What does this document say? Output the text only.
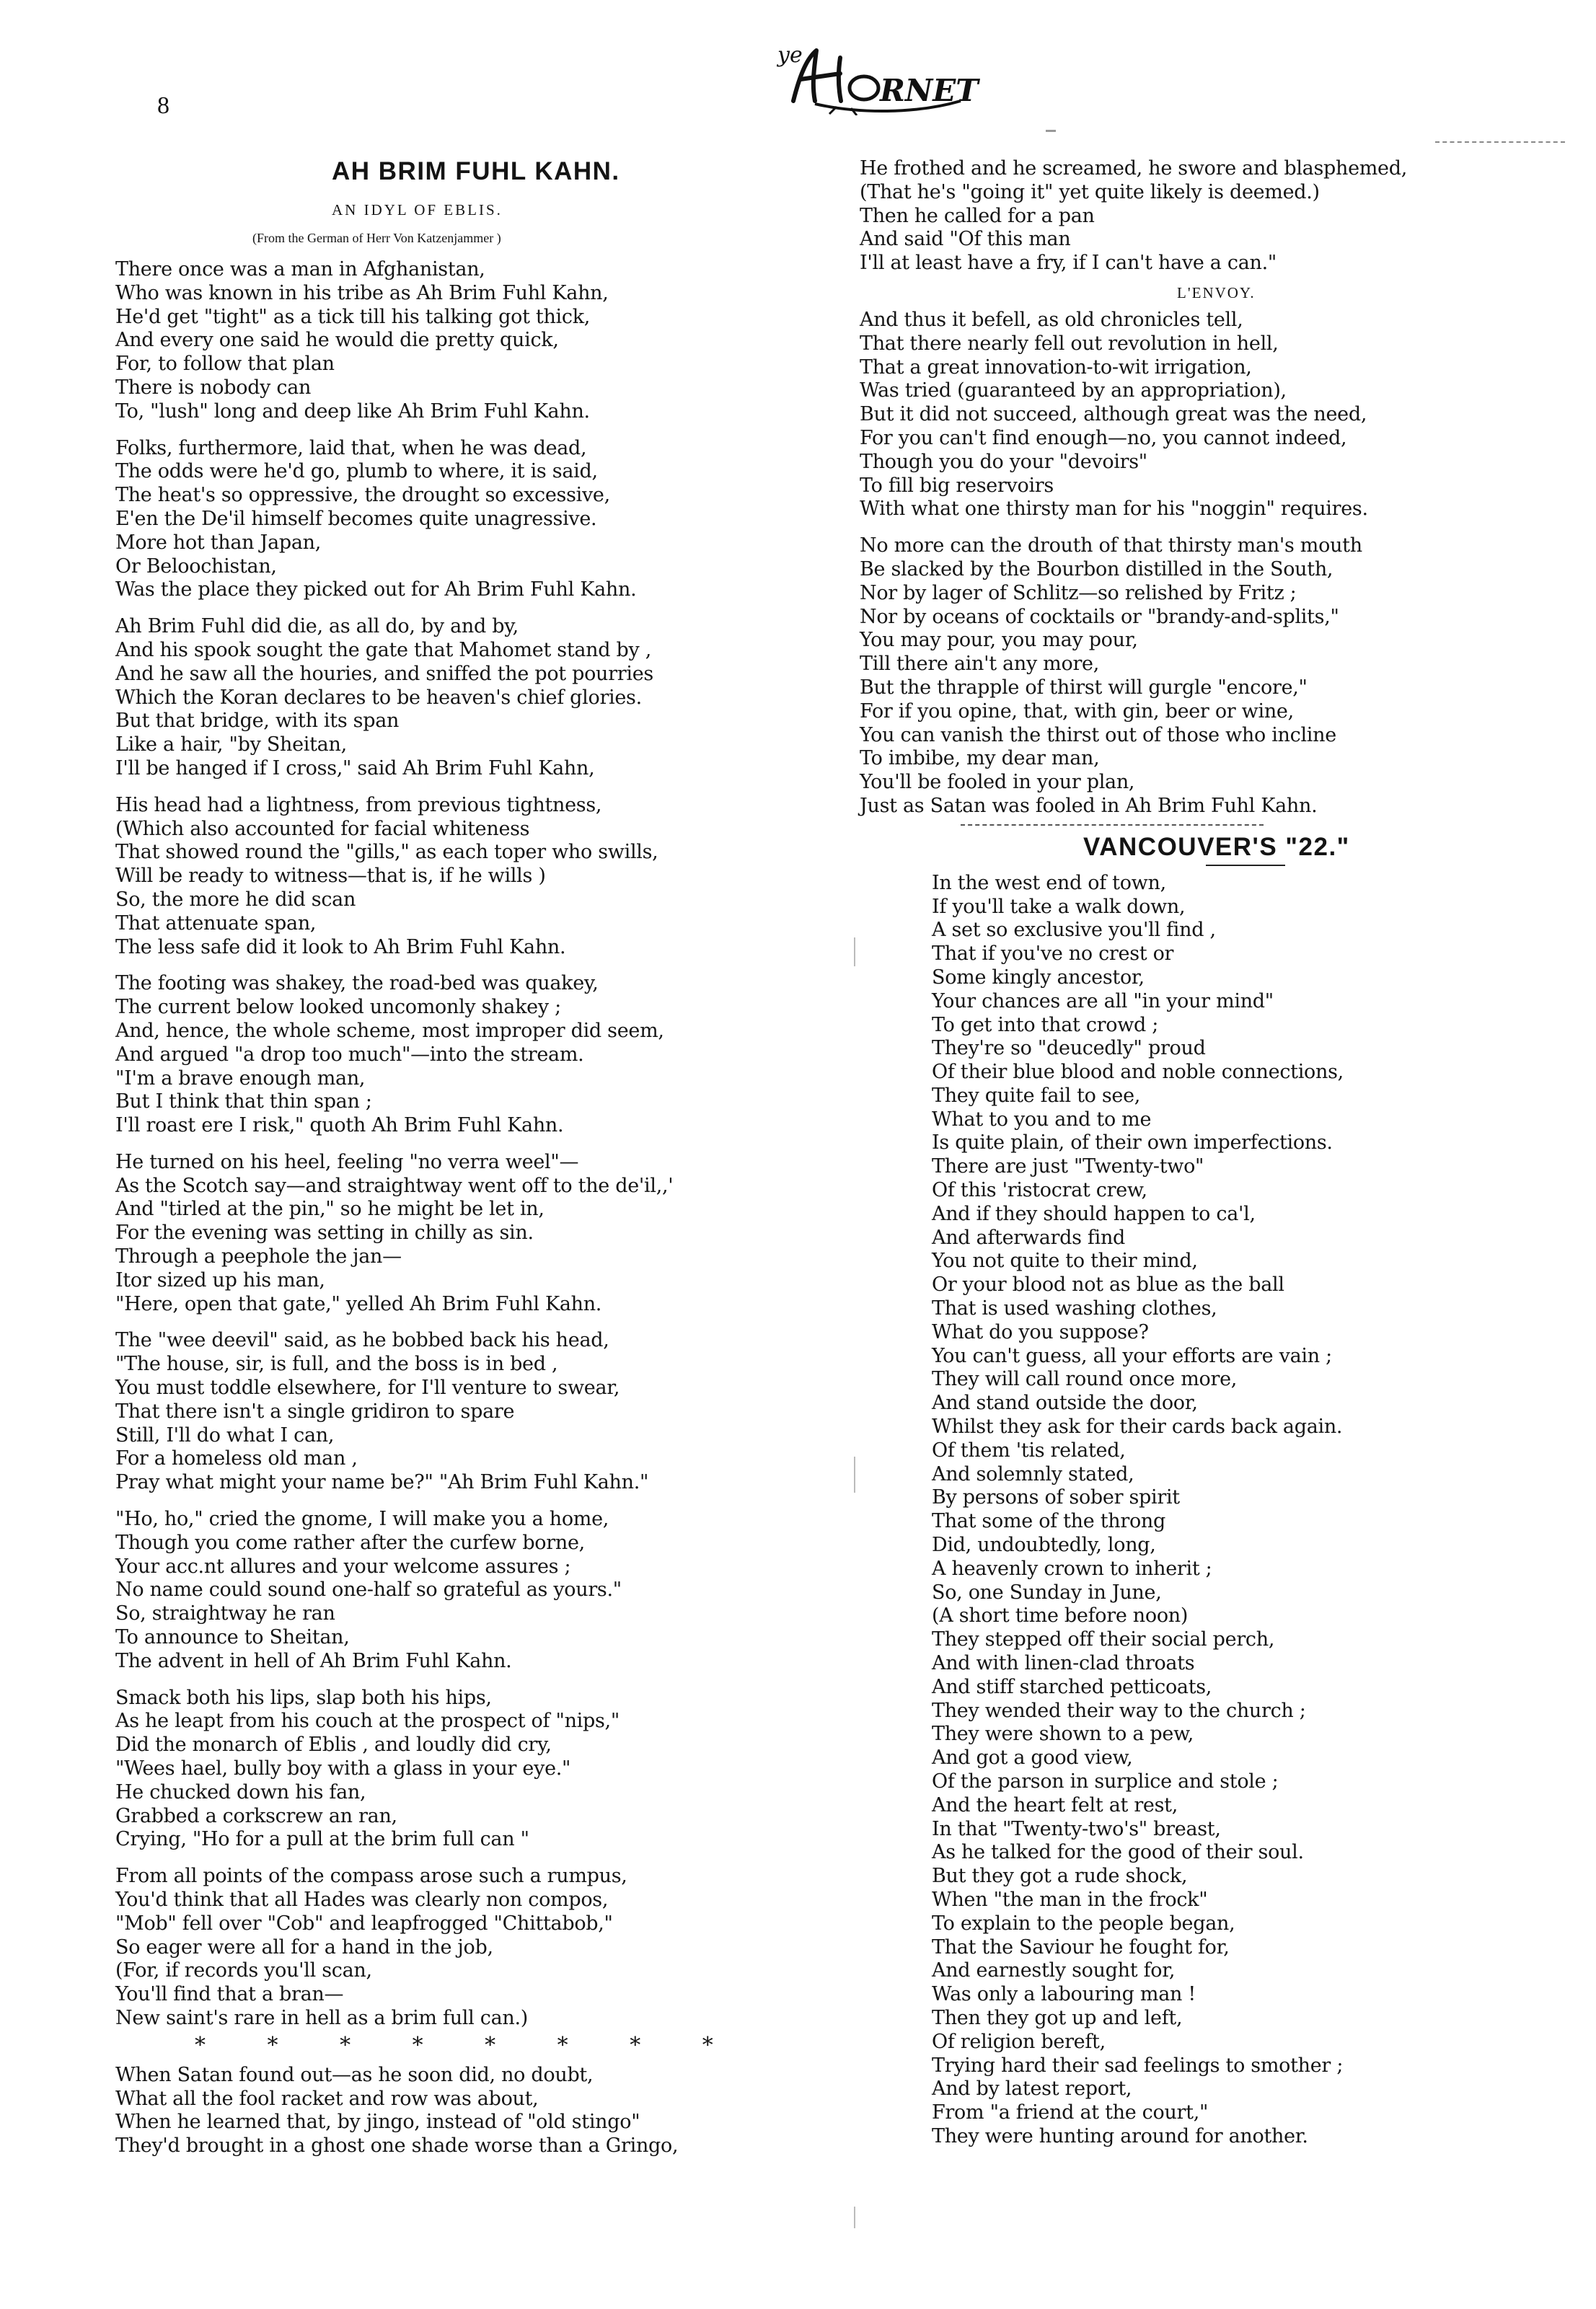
8
ye
RNET
AH BRIM FUHL KAHN.
AN IDYL OF EBLIS.
(From the German of Herr Von Katzenjammer )
There once was a man in Afghanistan,
Who was known in his tribe as Ah Brim Fuhl Kahn,
He'd get "tight" as a tick till his talking got thick,
And every one said he would die pretty quick,
For, to follow that plan
There is nobody can
To, "lush" long and deep like Ah Brim Fuhl Kahn.
Folks, furthermore, laid that, when he was dead,
The odds were he'd go, plumb to where, it is said,
The heat's so oppressive, the drought so excessive,
E'en the De'il himself becomes quite unagressive.
More hot than Japan,
Or Beloochistan,
Was the place they picked out for Ah Brim Fuhl Kahn.
Ah Brim Fuhl did die, as all do, by and by,
And his spook sought the gate that Mahomet stand by ,
And he saw all the houries, and sniffed the pot pourries
Which the Koran declares to be heaven's chief glories.
But that bridge, with its span
Like a hair, "by Sheitan,
I'll be hanged if I cross," said Ah Brim Fuhl Kahn,
His head had a lightness, from previous tightness,
(Which also accounted for facial whiteness
That showed round the "gills," as each toper who swills,
Will be ready to witness—that is, if he wills )
So, the more he did scan
That attenuate span,
The less safe did it look to Ah Brim Fuhl Kahn.
The footing was shakey, the road-bed was quakey,
The current below looked uncomonly shakey ;
And, hence, the whole scheme, most improper did seem,
And argued "a drop too much"—into the stream.
"I'm a brave enough man,
But I think that thin span ;
I'll roast ere I risk," quoth Ah Brim Fuhl Kahn.
He turned on his heel, feeling "no verra weel"—
As the Scotch say—and straightway went off to the de'il,,'
And "tirled at the pin," so he might be let in,
For the evening was setting in chilly as sin.
Through a peephole the jan—
Itor sized up his man,
"Here, open that gate," yelled Ah Brim Fuhl Kahn.
The "wee deevil" said, as he bobbed back his head,
"The house, sir, is full, and the boss is in bed ,
You must toddle elsewhere, for I'll venture to swear,
That there isn't a single gridiron to spare
Still, I'll do what I can,
For a homeless old man ,
Pray what might your name be?" "Ah Brim Fuhl Kahn."
"Ho, ho," cried the gnome, I will make you a home,
Though you come rather after the curfew borne,
Your acc.nt allures and your welcome assures ;
No name could sound one-half so grateful as yours."
So, straightway he ran
To announce to Sheitan,
The advent in hell of Ah Brim Fuhl Kahn.
Smack both his lips, slap both his hips,
As he leapt from his couch at the prospect of "nips,"
Did the monarch of Eblis , and loudly did cry,
"Wees hael, bully boy with a glass in your eye."
He chucked down his fan,
Grabbed a corkscrew an ran,
Crying, "Ho for a pull at the brim full can "
From all points of the compass arose such a rumpus,
You'd think that all Hades was clearly non compos,
"Mob" fell over "Cob" and leapfrogged "Chittabob,"
So eager were all for a hand in the job,
(For, if records you'll scan,
You'll find that a bran—
New saint's rare in hell as a brim full can.)
* * * * * * * *
When Satan found out—as he soon did, no doubt,
What all the fool racket and row was about,
When he learned that, by jingo, instead of "old stingo"
They'd brought in a ghost one shade worse than a Gringo,
He frothed and he screamed, he swore and blasphemed,
(That he's "going it" yet quite likely is deemed.)
Then he called for a pan
And said "Of this man
I'll at least have a fry, if I can't have a can."
L'ENVOY.
And thus it befell, as old chronicles tell,
That there nearly fell out revolution in hell,
That a great innovation-to-wit irrigation,
Was tried (guaranteed by an appropriation),
But it did not succeed, although great was the need,
For you can't find enough—no, you cannot indeed,
Though you do your "devoirs"
To fill big reservoirs
With what one thirsty man for his "noggin" requires.
No more can the drouth of that thirsty man's mouth
Be slacked by the Bourbon distilled in the South,
Nor by lager of Schlitz—so relished by Fritz ;
Nor by oceans of cocktails or "brandy-and-splits,"
You may pour, you may pour,
Till there ain't any more,
But the thrapple of thirst will gurgle "encore,"
For if you opine, that, with gin, beer or wine,
You can vanish the thirst out of those who incline
To imbibe, my dear man,
You'll be fooled in your plan,
Just as Satan was fooled in Ah Brim Fuhl Kahn.
VANCOUVER'S "22."
In the west end of town,
If you'll take a walk down,
A set so exclusive you'll find ,
That if you've no crest or
Some kingly ancestor,
Your chances are all "in your mind"
To get into that crowd ;
They're so "deucedly" proud
Of their blue blood and noble connections,
They quite fail to see,
What to you and to me
Is quite plain, of their own imperfections.
There are just "Twenty-two"
Of this 'ristocrat crew,
And if they should happen to ca'l,
And afterwards find
You not quite to their mind,
Or your blood not as blue as the ball
That is used washing clothes,
What do you suppose?
You can't guess, all your efforts are vain ;
They will call round once more,
And stand outside the door,
Whilst they ask for their cards back again.
Of them 'tis related,
And solemnly stated,
By persons of sober spirit
That some of the throng
Did, undoubtedly, long,
A heavenly crown to inherit ;
So, one Sunday in June,
(A short time before noon)
They stepped off their social perch,
And with linen-clad throats
And stiff starched petticoats,
They wended their way to the church ;
They were shown to a pew,
And got a good view,
Of the parson in surplice and stole ;
And the heart felt at rest,
In that "Twenty-two's" breast,
As he talked for the good of their soul.
But they got a rude shock,
When "the man in the frock"
To explain to the people began,
That the Saviour he fought for,
And earnestly sought for,
Was only a labouring man !
Then they got up and left,
Of religion bereft,
Trying hard their sad feelings to smother ;
And by latest report,
From "a friend at the court,"
They were hunting around for another.
